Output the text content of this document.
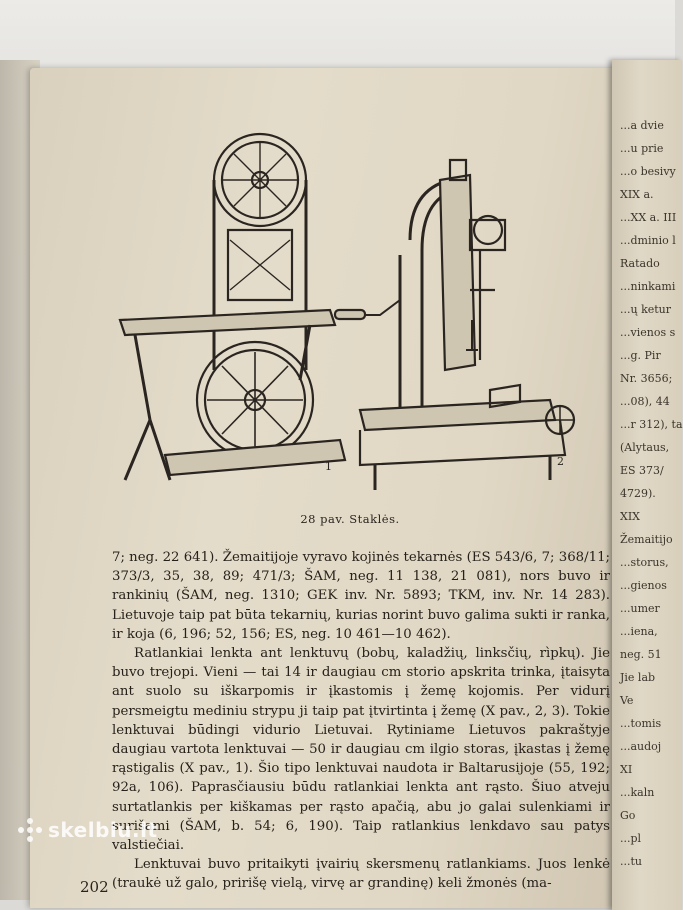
...a dvie
...u prie
...o besivy
XIX a.
...XX a. III
...dminio l
Ratado
...ninkami
...ų ketur
...vienos s
...g. Pir
Nr. 3656;
...08), 44
...r 312), ta
(Alytaus,
ES 373/
4729).
XIX
Žemaitijo
...storus,
...gienos
...umer
...iena,
neg. 51
Jie lab
Ve
...tomis
...audoj
XI
...kaln
Go
...pl
...tu
1	2
28 pav. Staklės.

7; neg. 22 641). Žemaitijoje vyravo kojinės tekarnės (ES 543/6, 7; 368/11; 373/3, 35, 38, 89; 471/3; ŠAM, neg. 11 138, 21 081), nors buvo ir rankinių (ŠAM, neg. 1310; GEK inv. Nr. 5893; TKM, inv. Nr. 14 283). Lietuvoje taip pat būta tekarnių, kurias norint buvo galima sukti ir ranka, ir koja (6, 196; 52, 156; ES, neg. 10 461—10 462).

Ratlankiai lenkta ant lenktuvų (bobų, kaladžių, linksčių, rìpkų). Jie buvo trejopi. Vieni — tai 14 ir daugiau cm storio apskrita trinka, įtaisyta ant suolo su iškarpomis ir įkastomis į žemę kojomis. Per vidurį persmeigtu mediniu strypu ji taip pat įtvirtinta į žemę (X pav., 2, 3). Tokie lenktuvai būdingi vidurio Lietuvai. Rytiniame Lietuvos pakraštyje daugiau vartota lenktuvai — 50 ir daugiau cm ilgio storas, įkastas į žemę rąstigalis (X pav., 1). Šio tipo lenktuvai naudota ir Baltarusijoje (55, 192; 92a, 106). Paprasčiausiu būdu ratlankiai lenkta ant rąsto. Šiuo atveju surtatlankis per kiškamas per rąsto apačią, abu jo galai sulenkiami ir surišami (ŠAM, b. 54; 6, 190). Taip ratlankius lenkdavo sau patys valstiečiai.

Lenktuvai buvo pritaikyti įvairių skersmenų ratlankiams. Juos lenkė (traukė už galo, pririšę vielą, virvę ar grandinę) keli žmonės (ma-

202
skelbiu.lt
